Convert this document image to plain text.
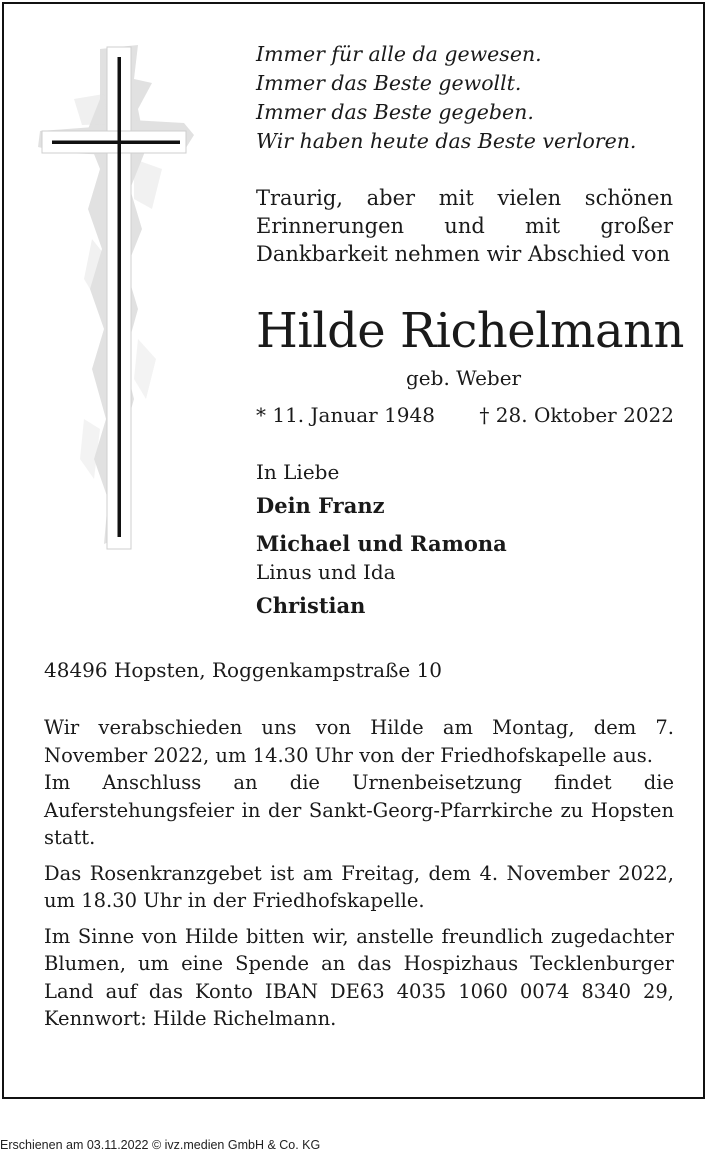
Immer für alle da gewesen.
Immer das Beste gewollt.
Immer das Beste gegeben.
Wir haben heute das Beste verloren.
Traurig, aber mit vielen schönen Erinnerungen und mit großer Dankbarkeit nehmen wir Abschied von
Hilde Richelmann
geb. Weber
* 11. Januar 1948 † 28. Oktober 2022
In Liebe
Dein Franz
Michael und Ramona
Linus und Ida
Christian
48496 Hopsten, Roggenkampstraße 10

Wir verabschieden uns von Hilde am Montag, dem 7. November 2022, um 14.30 Uhr von der Friedhofskapelle aus.

Im Anschluss an die Urnenbeisetzung findet die Auferstehungsfeier in der Sankt-Georg-Pfarrkirche zu Hopsten statt.

Das Rosenkranzgebet ist am Freitag, dem 4. November 2022, um 18.30 Uhr in der Friedhofskapelle.

Im Sinne von Hilde bitten wir, anstelle freundlich zugedachter Blumen, um eine Spende an das Hospizhaus Tecklenburger Land auf das Konto IBAN DE63 4035 1060 0074 8340 29, Kennwort: Hilde Richelmann.

Erschienen am 03.11.2022 © ivz.medien GmbH & Co. KG
